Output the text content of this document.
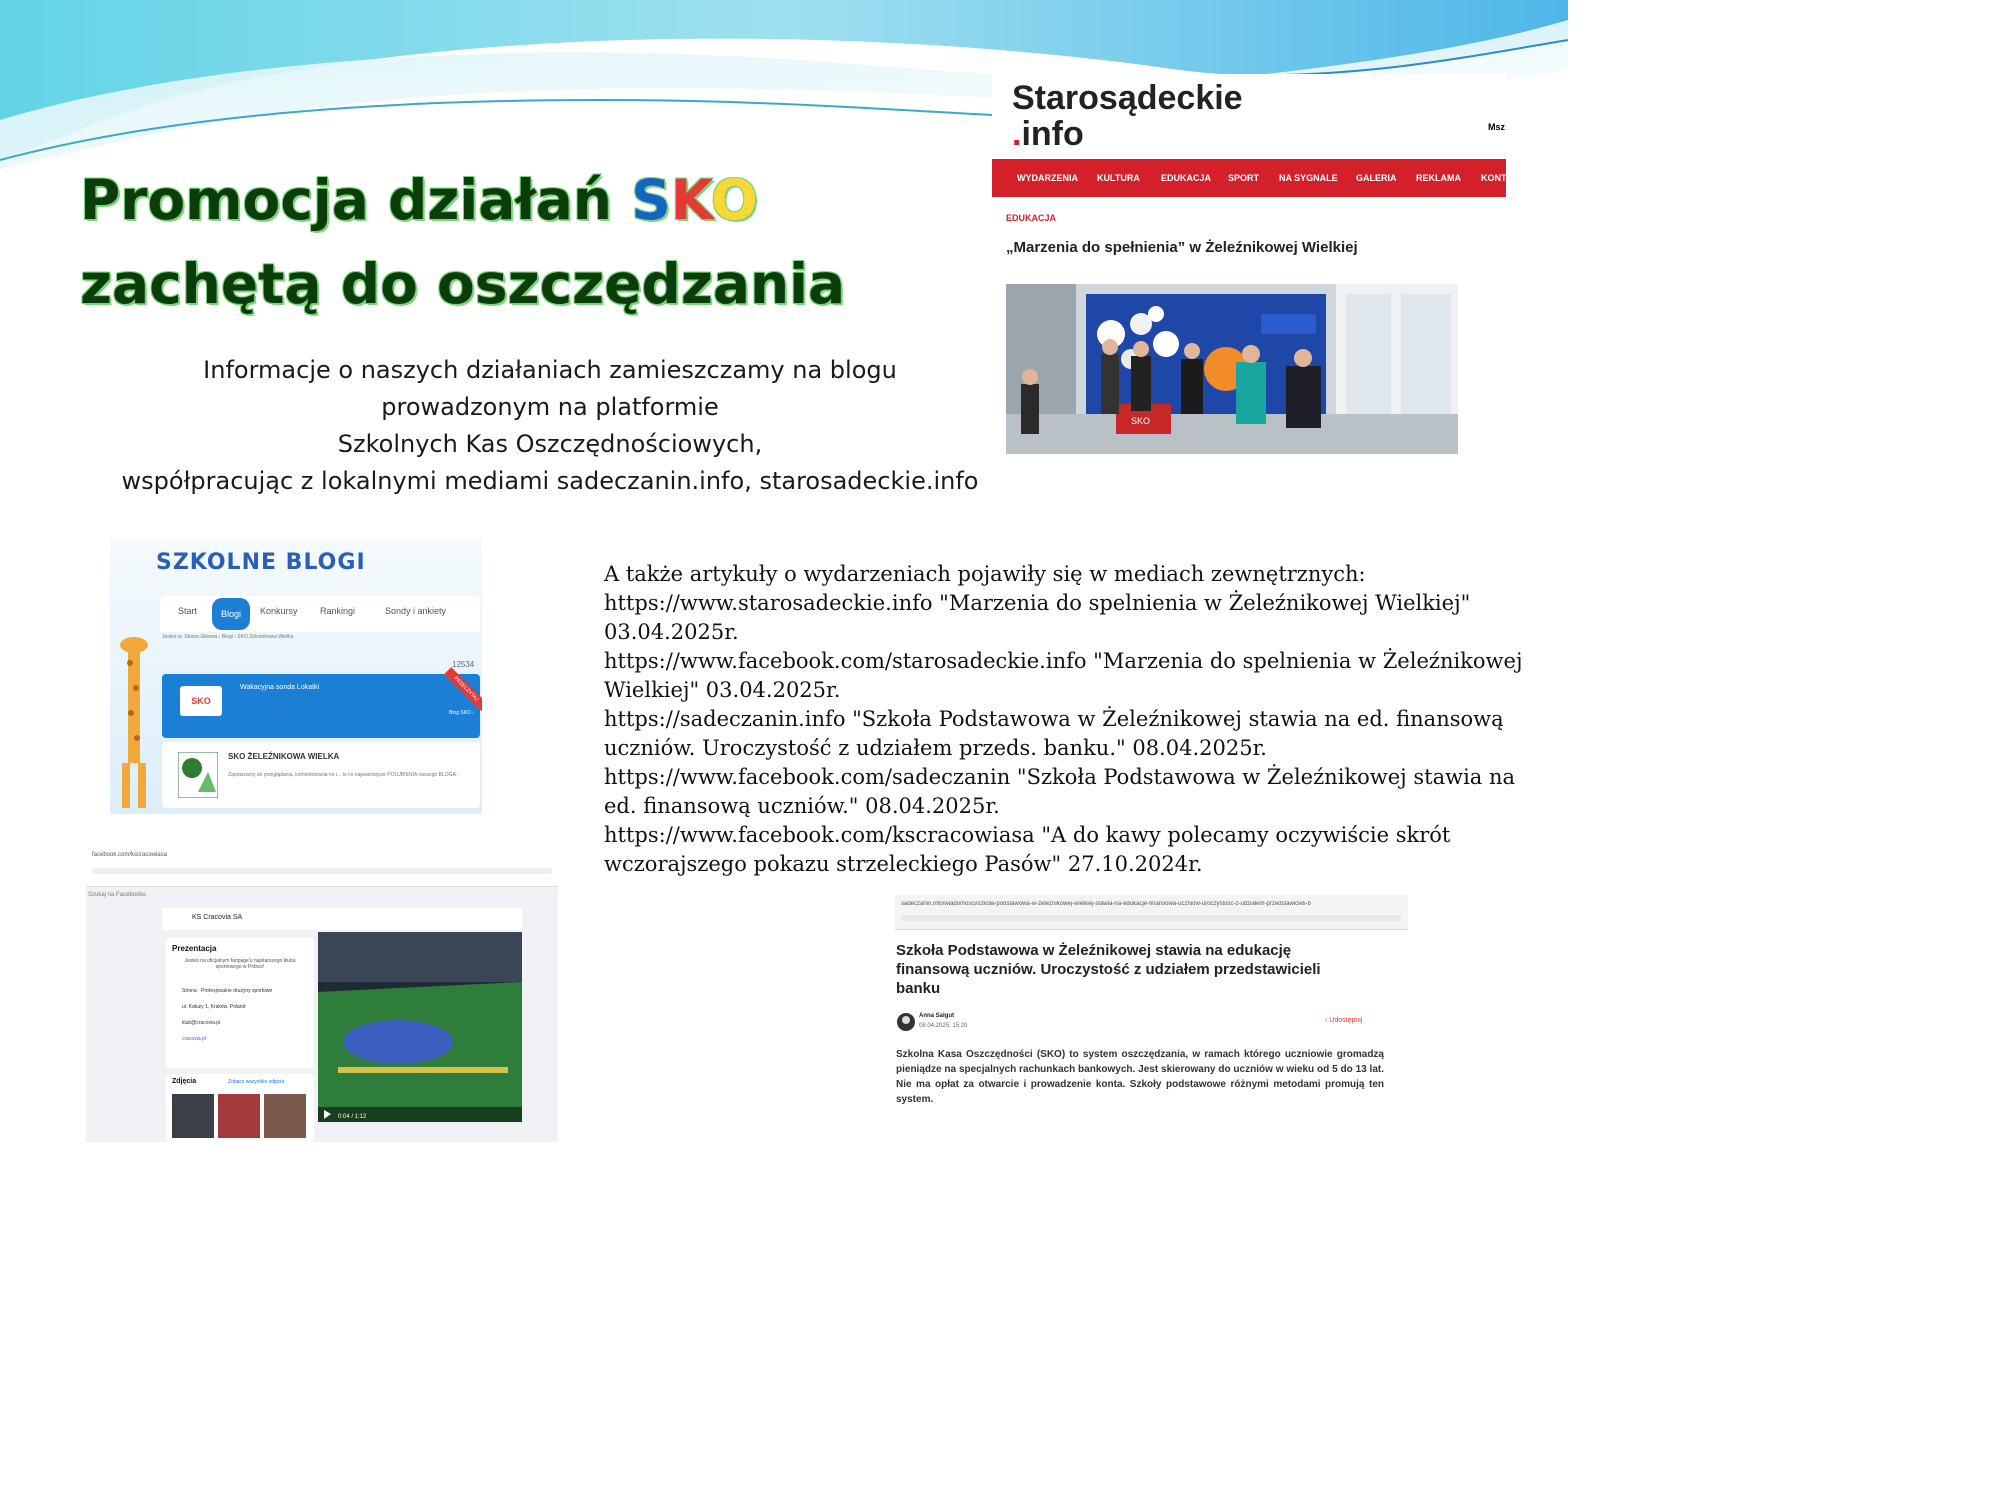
Promocja działań SKO
zachętą do oszczędzania
Informacje o naszych działaniach zamieszczamy na blogu
prowadzonym na platformie
Szkolnych Kas Oszczędnościowych,
współpracując z lokalnymi mediami sadeczanin.info, starosadeckie.info
A także artykuły o wydarzeniach pojawiły się w mediach zewnętrznych:
https://www.starosadeckie.info "Marzenia do spelnienia w Żeleźnikowej Wielkiej" 03.04.2025r.
https://www.facebook.com/starosadeckie.info "Marzenia do spelnienia w Żeleźnikowej Wielkiej" 03.04.2025r.
https://sadeczanin.info "Szkoła Podstawowa w Żeleźnikowej stawia na ed. finansową uczniów. Uroczystość z udziałem przeds. banku." 08.04.2025r.
https://www.facebook.com/sadeczanin "Szkoła Podstawowa w Żeleźnikowej stawia na ed. finansową uczniów." 08.04.2025r.
https://www.facebook.com/kscracowiasa "A do kawy polecamy oczywiście skrót wczorajszego pokazu strzeleckiego Pasów" 27.10.2024r.
Starosądeckie
.info	Msz
WYDARZENIA KULTURA EDUKACJA SPORT NA SYGNALE GALERIA REKLAMA KONT
EDUKACJA
„Marzenia do spełnienia” w Żeleźnikowej Wielkiej
SKO
SZKOLNE BLOGI
Start	Blogi	Konkursy Rankingi	Sondy i ankiety
Jesteś w: Strona Główna › Blogi › SKO Żeleźnikowa Wielka
12534
SKO
Wakacyjna sonda Lokatki
Blog SKO ›
PRZECZYTAJ
SKO ŻELEŹNIKOWA WIELKA
Zapraszamy do przeglądania, komentowania no i... to co najważniejsze POLUBIENIA naszego BLOGA.
facebook.com/kscracowiasa
Szukaj na Facebooku
KS Cracovia SA
Prezentacja
Jesteś na oficjalnym fanpage'u najstarszego klubu sportowego w Polsce!
Strona · Profesjonalne drużyny sportowe
ul. Kałuży 1, Kraków, Poland
klub@cracovia.pl
cracovia.pl
Zdjęcia	Zobacz wszystkie zdjęcia
0:04 / 1:12
sadeczanin.info/wiadomosci/szkola-podstawowa-w-zeleznikowej-wielkiej-stawia-na-edukacje-finansowa-uczniow-uroczystosc-z-udzialem-przedstawicieli-b
Szkoła Podstawowa w Żeleźnikowej stawia na edukację finansową uczniów. Uroczystość z udziałem przedstawicieli banku
Anna Salgut
08.04.2025, 15:20
‹ Udostępnij
Szkolna Kasa Oszczędności (SKO) to system oszczędzania, w ramach którego uczniowie gromadzą pieniądze na specjalnych rachunkach bankowych. Jest skierowany do uczniów w wieku od 5 do 13 lat. Nie ma opłat za otwarcie i prowadzenie konta. Szkoły podstawowe różnymi metodami promują ten system.
